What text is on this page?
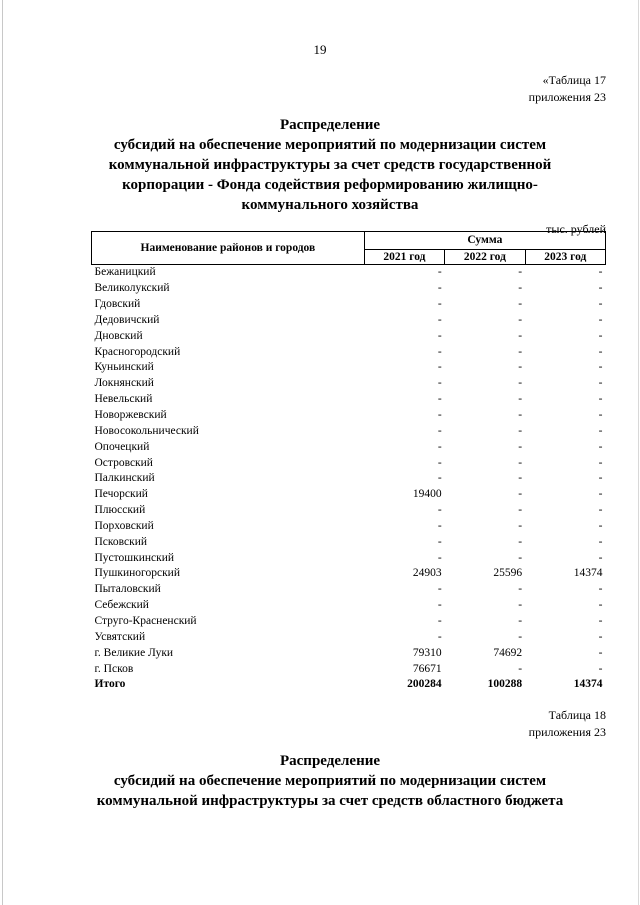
19
«Таблица 17
приложения 23
Распределение
субсидий на обеспечение мероприятий по модернизации систем
коммунальной инфраструктуры за счет средств государственной
корпорации - Фонда содействия реформированию жилищно-
коммунального хозяйства
тыс. рублей
Наименование районов и городов	Сумма		
	2021 год	2022 год	2023 год
Бежаницкий	-	-	-
Великолукский	-	-	-
Гдовский	-	-	-
Дедовичский	-	-	-
Дновский	-	-	-
Красногородский	-	-	-
Куньинский	-	-	-
Локнянский	-	-	-
Невельский	-	-	-
Новоржевский	-	-	-
Новосокольнический	-	-	-
Опочецкий	-	-	-
Островский	-	-	-
Палкинский	-	-	-
Печорский	19400	-	-
Плюсский	-	-	-
Порховский	-	-	-
Псковский	-	-	-
Пустошкинский	-	-	-
Пушкиногорский	24903	25596	14374
Пыталовский	-	-	-
Себежский	-	-	-
Струго-Красненский	-	-	-
Усвятский	-	-	-
г. Великие Луки	79310	74692	-
г. Псков	76671	-	-
Итого	200284	100288	14374
Таблица 18
приложения 23
Распределение
субсидий на обеспечение мероприятий по модернизации систем
коммунальной инфраструктуры за счет средств областного бюджета
